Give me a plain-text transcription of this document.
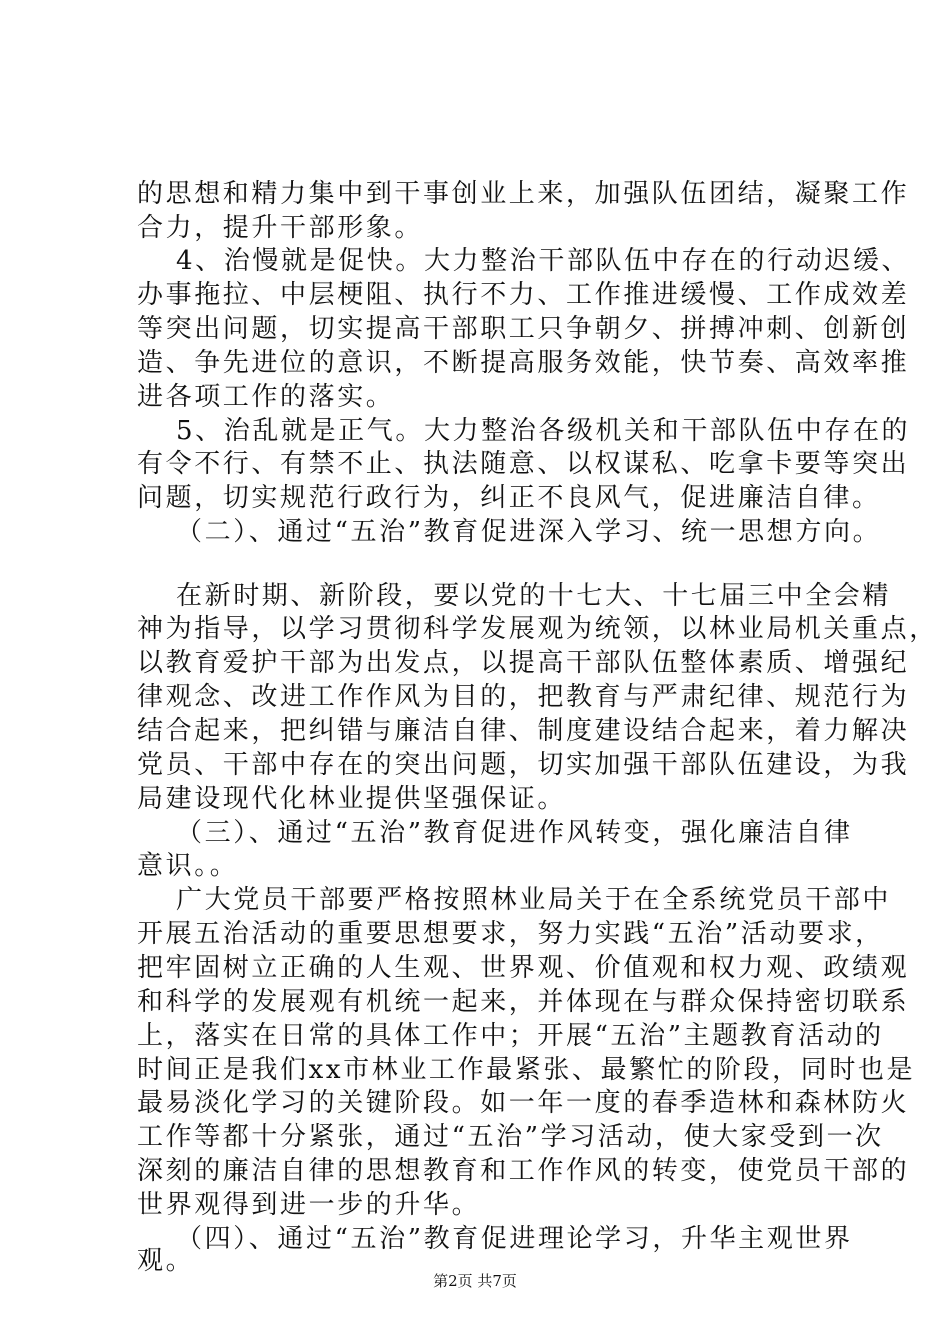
的思想和精力集中到干事创业上来，加强队伍团结，凝聚工作
合力，提升干部形象。
4、治慢就是促快。大力整治干部队伍中存在的行动迟缓、
办事拖拉、中层梗阻、执行不力、工作推进缓慢、工作成效差
等突出问题，切实提高干部职工只争朝夕、拼搏冲刺、创新创
造、争先进位的意识，不断提高服务效能，快节奏、高效率推
进各项工作的落实。
5、治乱就是正气。大力整治各级机关和干部队伍中存在的
有令不行、有禁不止、执法随意、以权谋私、吃拿卡要等突出
问题，切实规范行政行为，纠正不良风气，促进廉洁自律。
（二）、通过“五治”教育促进深入学习、统一思想方向。
在新时期、新阶段，要以党的十七大、十七届三中全会精
神为指导，以学习贯彻科学发展观为统领，以林业局机关重点，
以教育爱护干部为出发点，以提高干部队伍整体素质、增强纪
律观念、改进工作作风为目的，把教育与严肃纪律、规范行为
结合起来，把纠错与廉洁自律、制度建设结合起来，着力解决
党员、干部中存在的突出问题，切实加强干部队伍建设，为我
局建设现代化林业提供坚强保证。
（三）、通过“五治”教育促进作风转变，强化廉洁自律
意识。。
广大党员干部要严格按照林业局关于在全系统党员干部中
开展五治活动的重要思想要求，努力实践“五治”活动要求，
把牢固树立正确的人生观、世界观、价值观和权力观、政绩观
和科学的发展观有机统一起来，并体现在与群众保持密切联系
上，落实在日常的具体工作中；开展“五治”主题教育活动的
时间正是我们xx市林业工作最紧张、最繁忙的阶段，同时也是
最易淡化学习的关键阶段。如一年一度的春季造林和森林防火
工作等都十分紧张，通过“五治”学习活动，使大家受到一次
深刻的廉洁自律的思想教育和工作作风的转变，使党员干部的
世界观得到进一步的升华。
（四）、通过“五治”教育促进理论学习，升华主观世界
观。
第2页 共7页
